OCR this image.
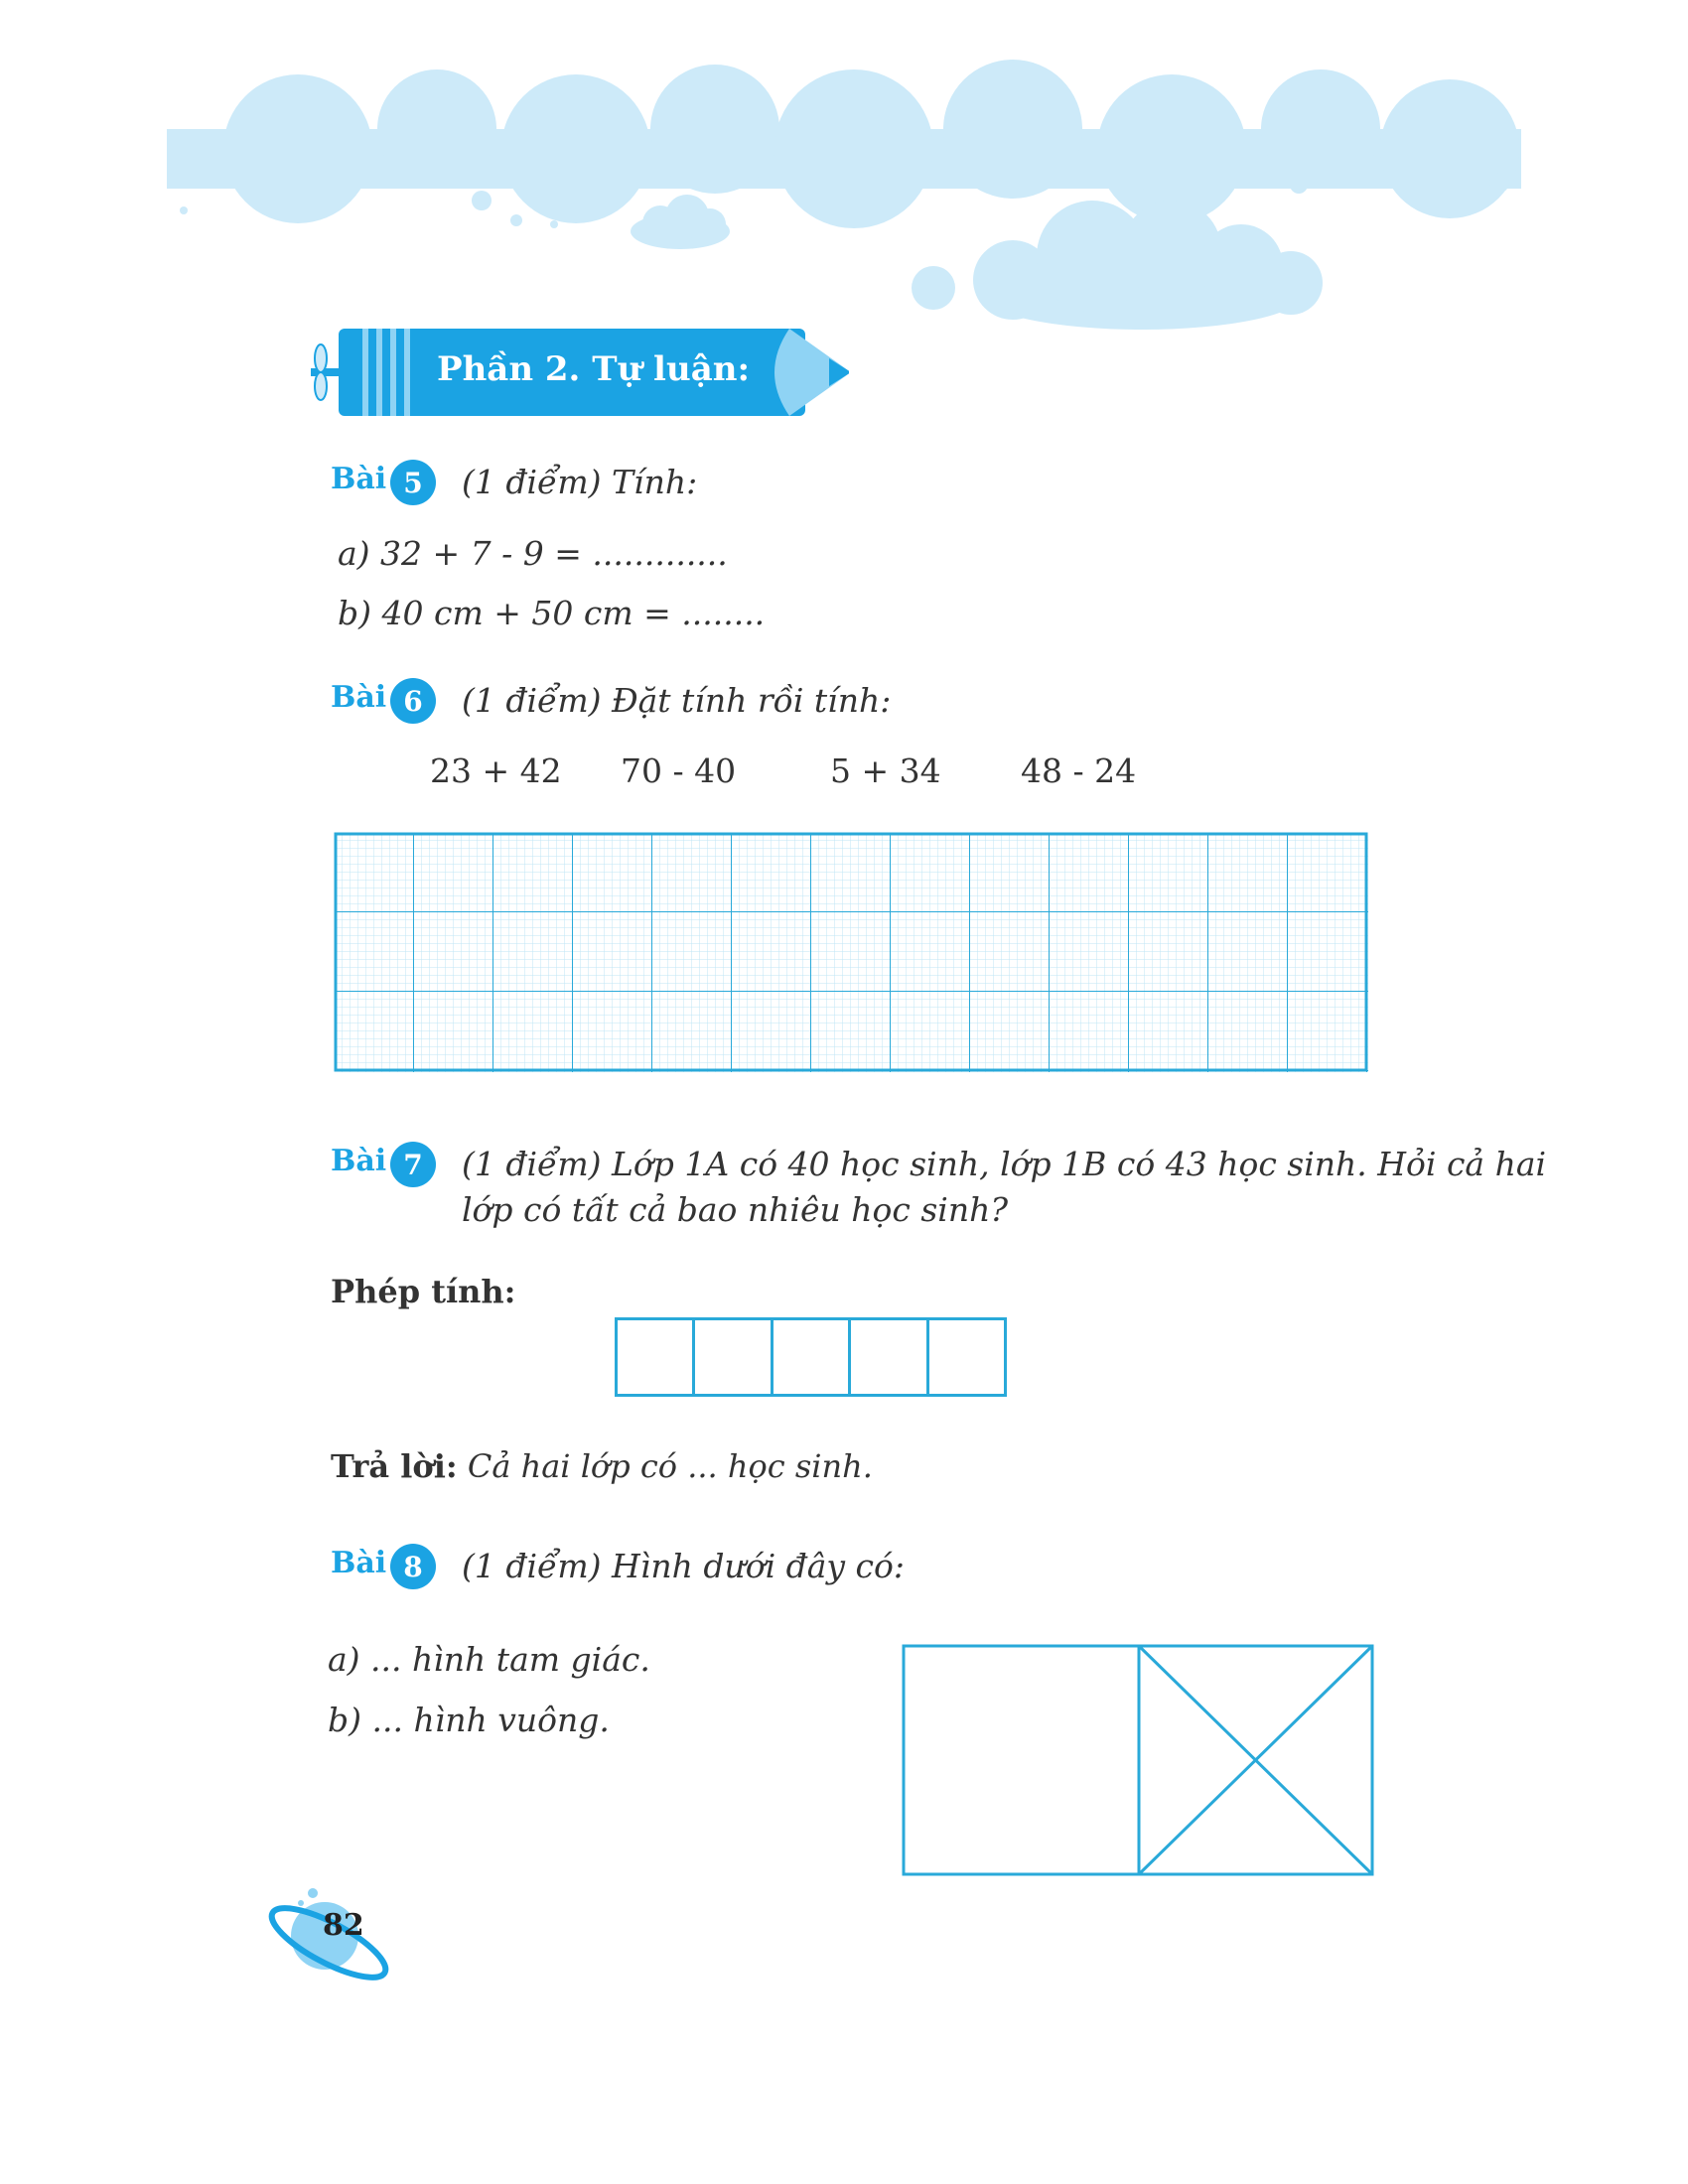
Phần 2. Tự luận:
Bài 5	(1 điểm) Tính:
a) 32 + 7 - 9 = .............
b) 40 cm + 50 cm = ........
Bài 6	(1 điểm) Đặt tính rồi tính:
23 + 42 70 - 40	5 + 34 48 - 24
Bài 7	(1 điểm) Lớp 1A có 40 học sinh, lớp 1B có 43 học sinh. Hỏi cả hai
lớp có tất cả bao nhiêu học sinh?
Phép tính:
Trả lời: Cả hai lớp có ... học sinh.
Bài 8	(1 điểm) Hình dưới đây có:
a) ... hình tam giác.
b) ... hình vuông.
82
